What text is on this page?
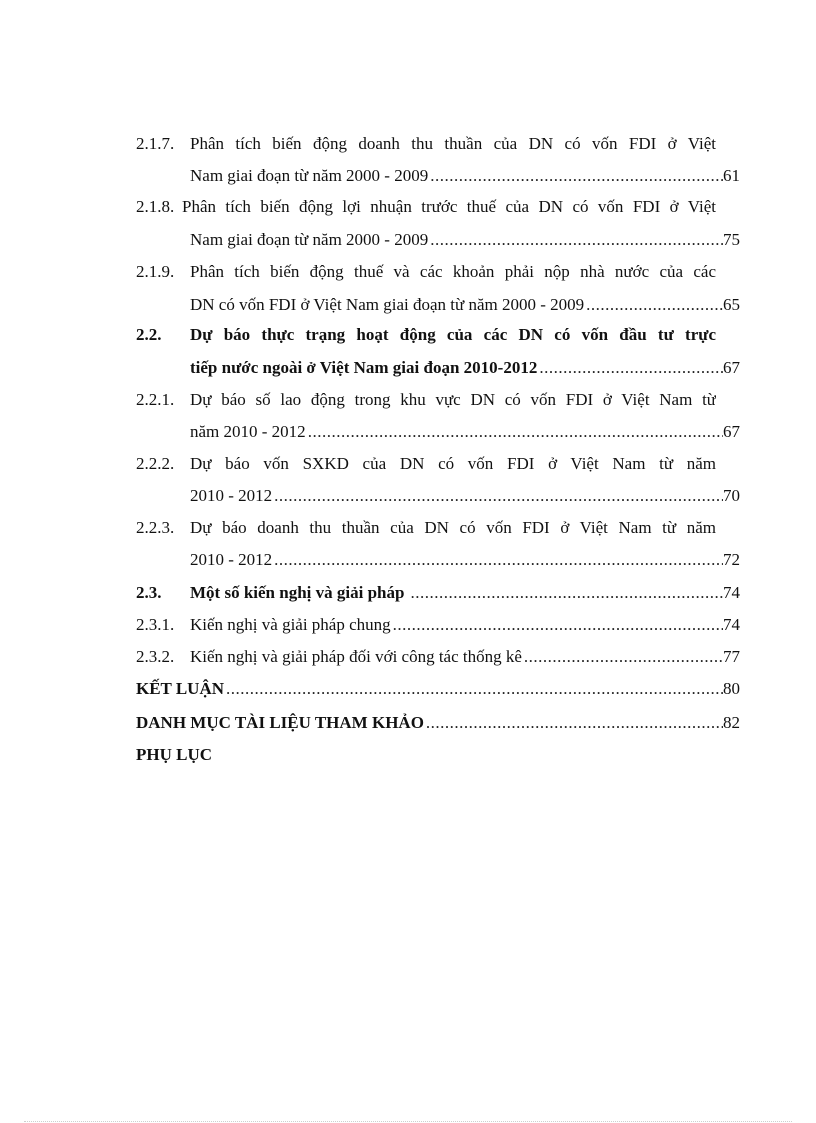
2.1.7. Phân tích biến động doanh thu thuần của DN có vốn FDI ở Việt
Nam giai đoạn từ năm 2000 - 2009 .....	61
2.1.8. Phân tích biến động lợi nhuận trước thuế của DN có vốn FDI ở Việt
Nam giai đoạn từ năm 2000 - 2009 .....	75
2.1.9. Phân tích biến động thuế và các khoản phải nộp nhà nước của các
DN có vốn FDI ở Việt Nam giai đoạn từ năm 2000 - 2009 .....	65
2.2. Dự báo thực trạng hoạt động của các DN có vốn đầu tư trực
tiếp nước ngoài ở Việt Nam giai đoạn 2010-2012 .....	67
2.2.1. Dự báo số lao động trong khu vực DN có vốn FDI ở Việt Nam từ
năm 2010 - 2012 .....	67
2.2.2. Dự báo vốn SXKD của DN có vốn FDI ở Việt Nam từ năm
2010 - 2012 .....	70
2.2.3. Dự báo doanh thu thuần của DN có vốn FDI ở Việt Nam từ năm
2010 - 2012 .....	72
2.3. Một số kiến nghị và giải pháp .....	74
2.3.1. Kiến nghị và giải pháp chung .....	74
2.3.2. Kiến nghị và giải pháp đối với công tác thống kê .....	77
KẾT LUẬN .....	80
DANH MỤC TÀI LIỆU THAM KHẢO .....	82
PHỤ LỤC
